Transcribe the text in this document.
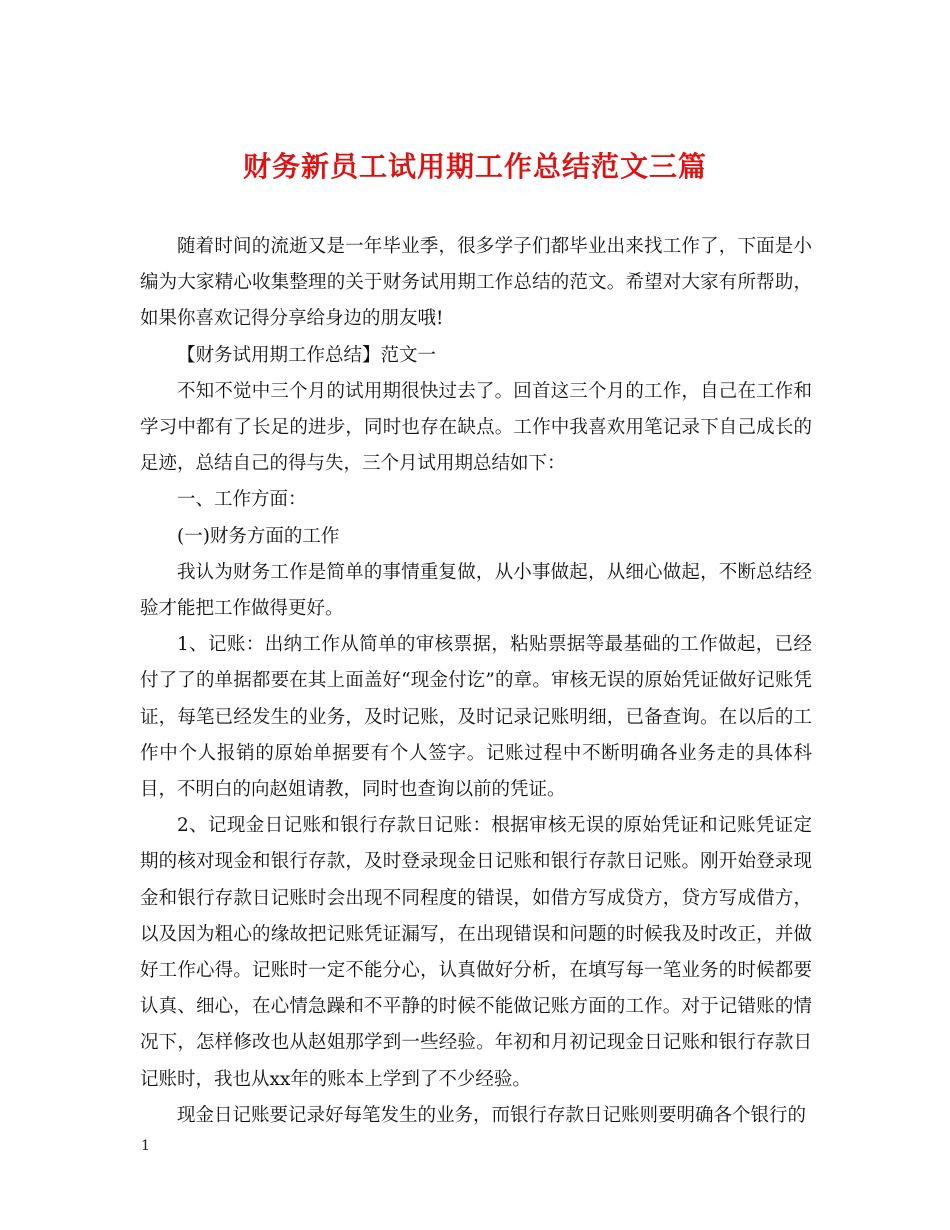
财务新员工试用期工作总结范文三篇

随着时间的流逝又是一年毕业季，很多学子们都毕业出来找工作了，下面是小编为大家精心收集整理的关于财务试用期工作总结的范文。希望对大家有所帮助，如果你喜欢记得分享给身边的朋友哦!

【财务试用期工作总结】范文一

不知不觉中三个月的试用期很快过去了。回首这三个月的工作，自己在工作和学习中都有了长足的进步，同时也存在缺点。工作中我喜欢用笔记录下自己成长的足迹，总结自己的得与失，三个月试用期总结如下：

一、工作方面：

(一)财务方面的工作

我认为财务工作是简单的事情重复做，从小事做起，从细心做起，不断总结经验才能把工作做得更好。

1、记账：出纳工作从简单的审核票据，粘贴票据等最基础的工作做起，已经付了了的单据都要在其上面盖好“现金付讫”的章。审核无误的原始凭证做好记账凭证，每笔已经发生的业务，及时记账，及时记录记账明细，已备查询。在以后的工作中个人报销的原始单据要有个人签字。记账过程中不断明确各业务走的具体科目，不明白的向赵姐请教，同时也查询以前的凭证。

2、记现金日记账和银行存款日记账：根据审核无误的原始凭证和记账凭证定期的核对现金和银行存款，及时登录现金日记账和银行存款日记账。刚开始登录现金和银行存款日记账时会出现不同程度的错误，如借方写成贷方，贷方写成借方，以及因为粗心的缘故把记账凭证漏写，在出现错误和问题的时候我及时改正，并做好工作心得。记账时一定不能分心，认真做好分析，在填写每一笔业务的时候都要认真、细心，在心情急躁和不平静的时候不能做记账方面的工作。对于记错账的情况下，怎样修改也从赵姐那学到一些经验。年初和月初记现金日记账和银行存款日记账时，我也从xx年的账本上学到了不少经验。

现金日记账要记录好每笔发生的业务，而银行存款日记账则要明确各个银行的

1
